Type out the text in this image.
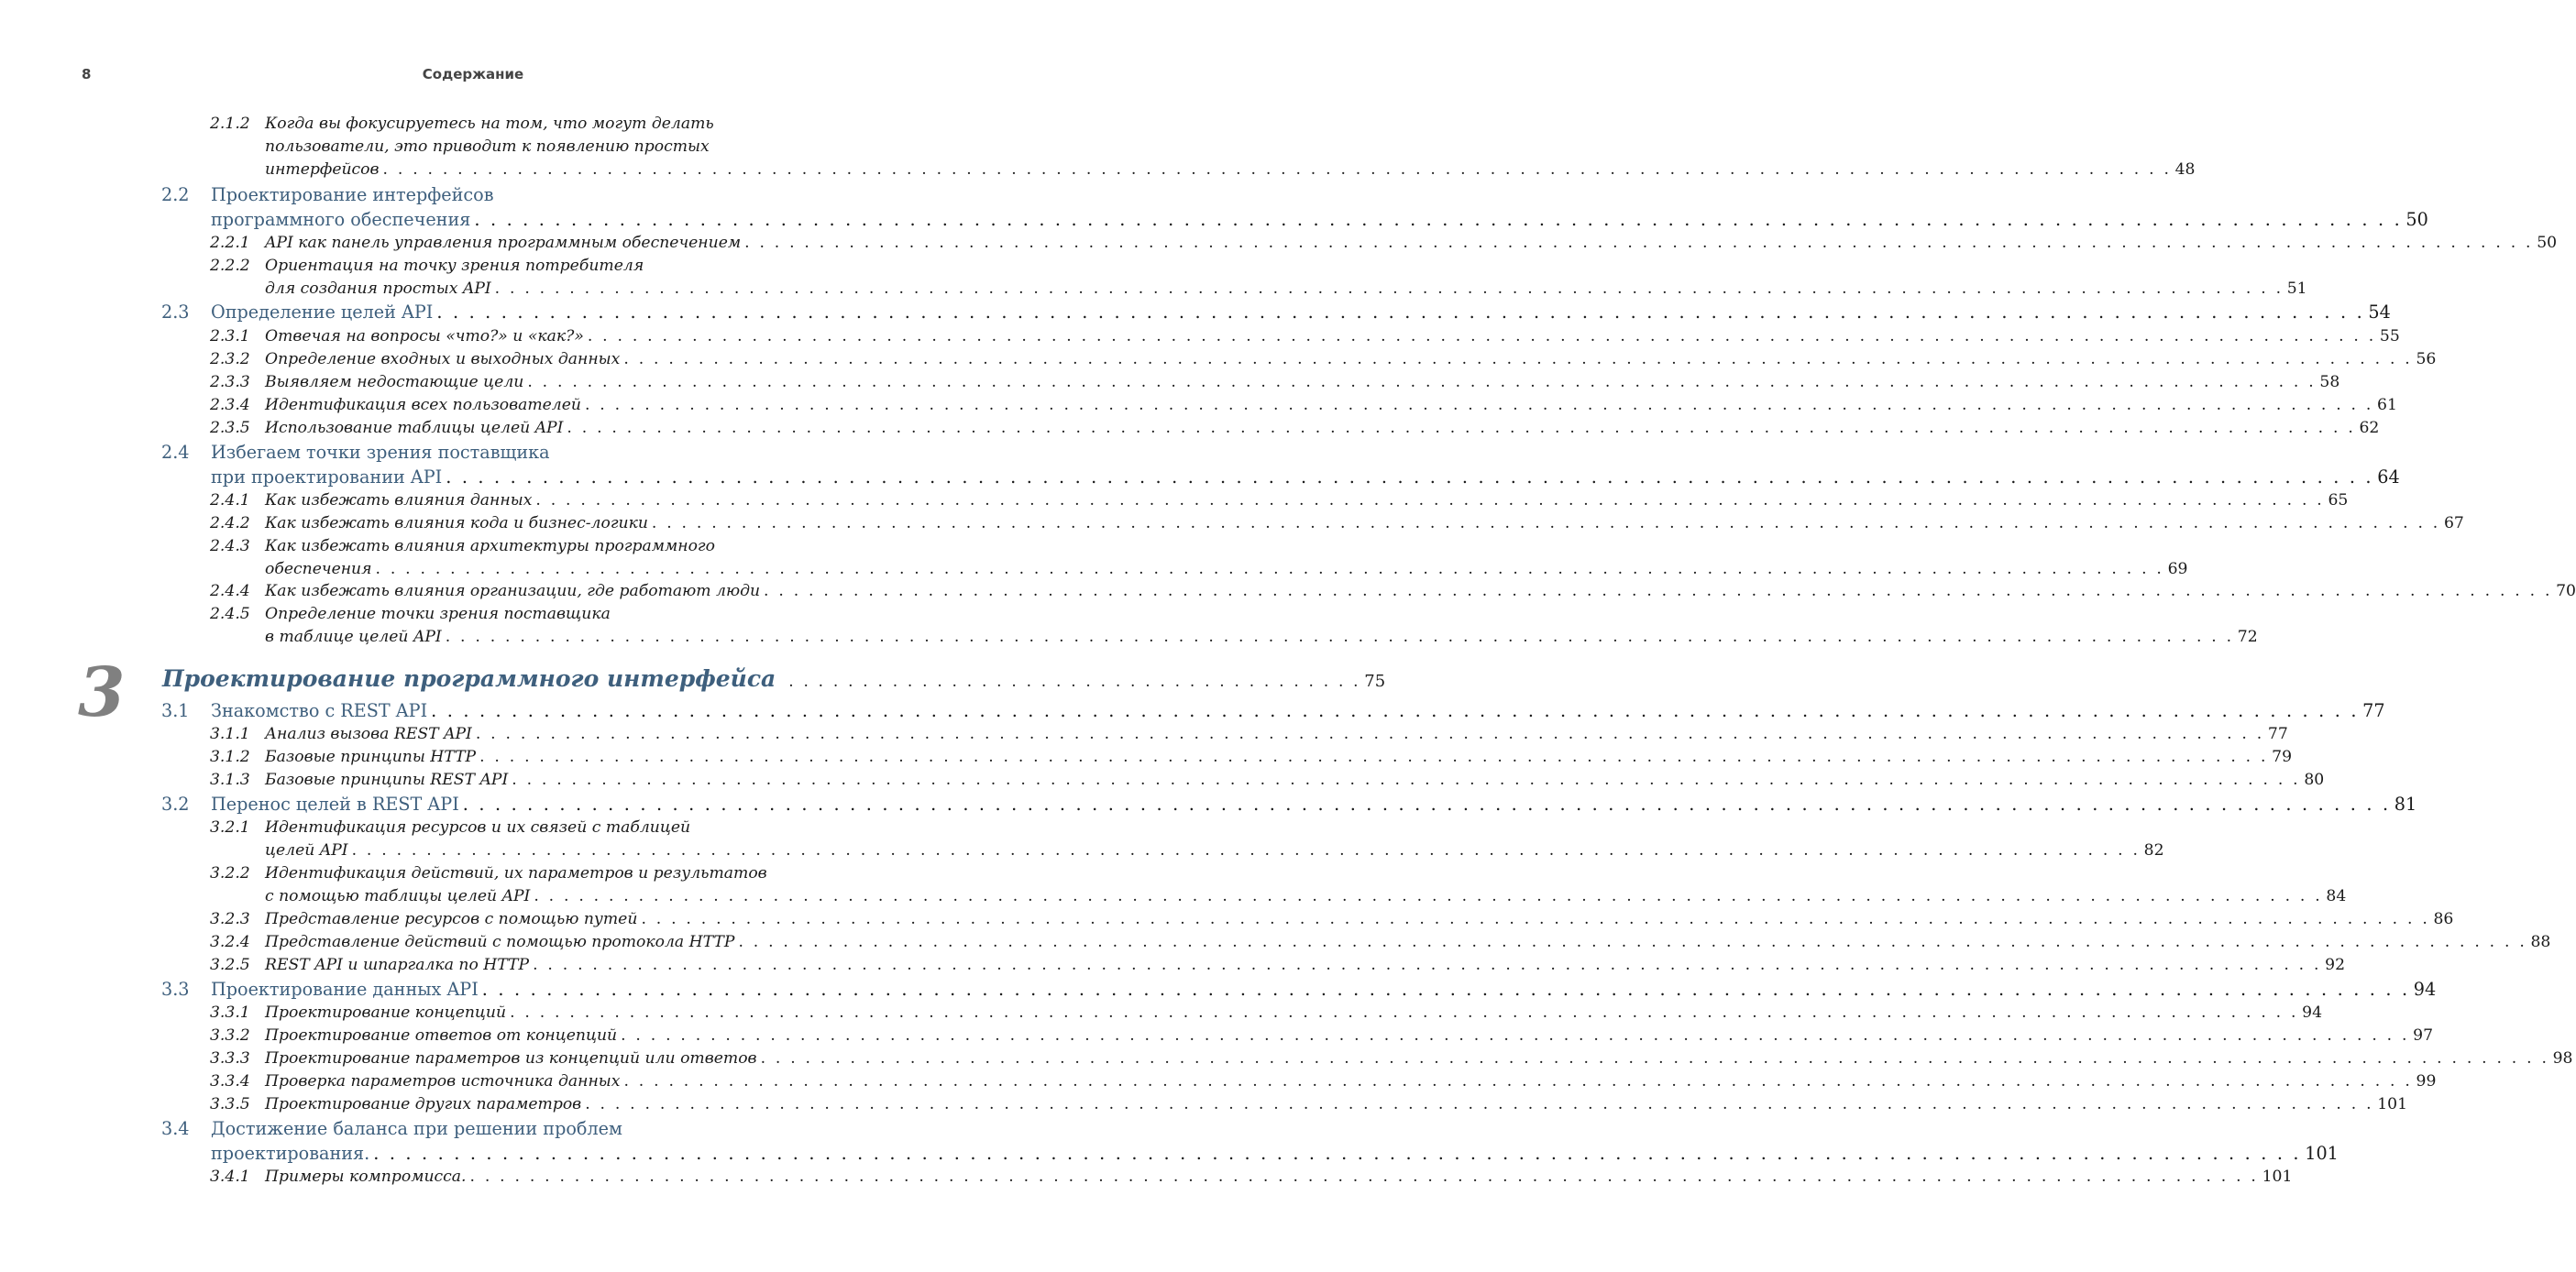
8	Содержание
2.1.2 Когда вы фокусируетесь на том, что могут делать
пользователи, это приводит к появлению простых
интерфейсов . . . . . . . . . . . . . . . . . . . . . . . . . . . . . . . . . . . . . . . . . . . . . . . . . . . . . . . . . . . . . . . . . . . . . . . . . . . . . . . . . . . . . . . . . . . . . . . . . . . . . . . . . . . . . . . . . . . . . . . . 48
2.2 Проектирование интерфейсов
программного обеспечения . . . . . . . . . . . . . . . . . . . . . . . . . . . . . . . . . . . . . . . . . . . . . . . . . . . . . . . . . . . . . . . . . . . . . . . . . . . . . . . . . . . . . . . . . . . . . . . . . . . . . . . . . . . . . . . . . . . . . . . . 50
2.2.1 API как панель управления программным обеспечением . . . . . . . . . . . . . . . . . . . . . . . . . . . . . . . . . . . . . . . . . . . . . . . . . . . . . . . . . . . . . . . . . . . . . . . . . . . . . . . . . . . . . . . . . . . . . . . . . . . . . . . . . . . . . . . . . . . . . . . . 50
2.2.2 Ориентация на точку зрения потребителя
для создания простых API . . . . . . . . . . . . . . . . . . . . . . . . . . . . . . . . . . . . . . . . . . . . . . . . . . . . . . . . . . . . . . . . . . . . . . . . . . . . . . . . . . . . . . . . . . . . . . . . . . . . . . . . . . . . . . . . . . . . . . . . 51
2.3 Определение целей API . . . . . . . . . . . . . . . . . . . . . . . . . . . . . . . . . . . . . . . . . . . . . . . . . . . . . . . . . . . . . . . . . . . . . . . . . . . . . . . . . . . . . . . . . . . . . . . . . . . . . . . . . . . . . . . . . . . . . . . . 54
2.3.1 Отвечая на вопросы «что?» и «как?» . . . . . . . . . . . . . . . . . . . . . . . . . . . . . . . . . . . . . . . . . . . . . . . . . . . . . . . . . . . . . . . . . . . . . . . . . . . . . . . . . . . . . . . . . . . . . . . . . . . . . . . . . . . . . . . . . . . . . . . . 55
2.3.2 Определение входных и выходных данных . . . . . . . . . . . . . . . . . . . . . . . . . . . . . . . . . . . . . . . . . . . . . . . . . . . . . . . . . . . . . . . . . . . . . . . . . . . . . . . . . . . . . . . . . . . . . . . . . . . . . . . . . . . . . . . . . . . . . . . . 56
2.3.3 Выявляем недостающие цели . . . . . . . . . . . . . . . . . . . . . . . . . . . . . . . . . . . . . . . . . . . . . . . . . . . . . . . . . . . . . . . . . . . . . . . . . . . . . . . . . . . . . . . . . . . . . . . . . . . . . . . . . . . . . . . . . . . . . . . . 58
2.3.4 Идентификация всех пользователей . . . . . . . . . . . . . . . . . . . . . . . . . . . . . . . . . . . . . . . . . . . . . . . . . . . . . . . . . . . . . . . . . . . . . . . . . . . . . . . . . . . . . . . . . . . . . . . . . . . . . . . . . . . . . . . . . . . . . . . . 61
2.3.5 Использование таблицы целей API . . . . . . . . . . . . . . . . . . . . . . . . . . . . . . . . . . . . . . . . . . . . . . . . . . . . . . . . . . . . . . . . . . . . . . . . . . . . . . . . . . . . . . . . . . . . . . . . . . . . . . . . . . . . . . . . . . . . . . . . 62
2.4 Избегаем точки зрения поставщика
при проектировании API . . . . . . . . . . . . . . . . . . . . . . . . . . . . . . . . . . . . . . . . . . . . . . . . . . . . . . . . . . . . . . . . . . . . . . . . . . . . . . . . . . . . . . . . . . . . . . . . . . . . . . . . . . . . . . . . . . . . . . . . 64
2.4.1 Как избежать влияния данных . . . . . . . . . . . . . . . . . . . . . . . . . . . . . . . . . . . . . . . . . . . . . . . . . . . . . . . . . . . . . . . . . . . . . . . . . . . . . . . . . . . . . . . . . . . . . . . . . . . . . . . . . . . . . . . . . . . . . . . . 65
2.4.2 Как избежать влияния кода и бизнес-логики . . . . . . . . . . . . . . . . . . . . . . . . . . . . . . . . . . . . . . . . . . . . . . . . . . . . . . . . . . . . . . . . . . . . . . . . . . . . . . . . . . . . . . . . . . . . . . . . . . . . . . . . . . . . . . . . . . . . . . . . 67
2.4.3 Как избежать влияния архитектуры программного
обеспечения . . . . . . . . . . . . . . . . . . . . . . . . . . . . . . . . . . . . . . . . . . . . . . . . . . . . . . . . . . . . . . . . . . . . . . . . . . . . . . . . . . . . . . . . . . . . . . . . . . . . . . . . . . . . . . . . . . . . . . . . 69
2.4.4 Как избежать влияния организации, где работают люди . . . . . . . . . . . . . . . . . . . . . . . . . . . . . . . . . . . . . . . . . . . . . . . . . . . . . . . . . . . . . . . . . . . . . . . . . . . . . . . . . . . . . . . . . . . . . . . . . . . . . . . . . . . . . . . . . . . . . . . . 70
2.4.5 Определение точки зрения поставщика
в таблице целей API . . . . . . . . . . . . . . . . . . . . . . . . . . . . . . . . . . . . . . . . . . . . . . . . . . . . . . . . . . . . . . . . . . . . . . . . . . . . . . . . . . . . . . . . . . . . . . . . . . . . . . . . . . . . . . . . . . . . . . . . 72
3.1 Знакомство с REST API . . . . . . . . . . . . . . . . . . . . . . . . . . . . . . . . . . . . . . . . . . . . . . . . . . . . . . . . . . . . . . . . . . . . . . . . . . . . . . . . . . . . . . . . . . . . . . . . . . . . . . . . . . . . . . . . . . . . . . . . 77
3.1.1 Анализ вызова REST API . . . . . . . . . . . . . . . . . . . . . . . . . . . . . . . . . . . . . . . . . . . . . . . . . . . . . . . . . . . . . . . . . . . . . . . . . . . . . . . . . . . . . . . . . . . . . . . . . . . . . . . . . . . . . . . . . . . . . . . . 77
3.1.2 Базовые принципы HTTP . . . . . . . . . . . . . . . . . . . . . . . . . . . . . . . . . . . . . . . . . . . . . . . . . . . . . . . . . . . . . . . . . . . . . . . . . . . . . . . . . . . . . . . . . . . . . . . . . . . . . . . . . . . . . . . . . . . . . . . . 79
3.1.3 Базовые принципы REST API . . . . . . . . . . . . . . . . . . . . . . . . . . . . . . . . . . . . . . . . . . . . . . . . . . . . . . . . . . . . . . . . . . . . . . . . . . . . . . . . . . . . . . . . . . . . . . . . . . . . . . . . . . . . . . . . . . . . . . . . 80
3.2 Перенос целей в REST API . . . . . . . . . . . . . . . . . . . . . . . . . . . . . . . . . . . . . . . . . . . . . . . . . . . . . . . . . . . . . . . . . . . . . . . . . . . . . . . . . . . . . . . . . . . . . . . . . . . . . . . . . . . . . . . . . . . . . . . . 81
3.2.1 Идентификация ресурсов и их связей с таблицей
целей API . . . . . . . . . . . . . . . . . . . . . . . . . . . . . . . . . . . . . . . . . . . . . . . . . . . . . . . . . . . . . . . . . . . . . . . . . . . . . . . . . . . . . . . . . . . . . . . . . . . . . . . . . . . . . . . . . . . . . . . . 82
3.2.2 Идентификация действий, их параметров и результатов
с помощью таблицы целей API . . . . . . . . . . . . . . . . . . . . . . . . . . . . . . . . . . . . . . . . . . . . . . . . . . . . . . . . . . . . . . . . . . . . . . . . . . . . . . . . . . . . . . . . . . . . . . . . . . . . . . . . . . . . . . . . . . . . . . . . 84
3.2.3 Представление ресурсов с помощью путей . . . . . . . . . . . . . . . . . . . . . . . . . . . . . . . . . . . . . . . . . . . . . . . . . . . . . . . . . . . . . . . . . . . . . . . . . . . . . . . . . . . . . . . . . . . . . . . . . . . . . . . . . . . . . . . . . . . . . . . . 86
3.2.4 Представление действий с помощью протокола HTTP . . . . . . . . . . . . . . . . . . . . . . . . . . . . . . . . . . . . . . . . . . . . . . . . . . . . . . . . . . . . . . . . . . . . . . . . . . . . . . . . . . . . . . . . . . . . . . . . . . . . . . . . . . . . . . . . . . . . . . . . 88
3.2.5 REST API и шпаргалка по HTTP . . . . . . . . . . . . . . . . . . . . . . . . . . . . . . . . . . . . . . . . . . . . . . . . . . . . . . . . . . . . . . . . . . . . . . . . . . . . . . . . . . . . . . . . . . . . . . . . . . . . . . . . . . . . . . . . . . . . . . . . 92
3.3 Проектирование данных API . . . . . . . . . . . . . . . . . . . . . . . . . . . . . . . . . . . . . . . . . . . . . . . . . . . . . . . . . . . . . . . . . . . . . . . . . . . . . . . . . . . . . . . . . . . . . . . . . . . . . . . . . . . . . . . . . . . . . . . . 94
3.3.1 Проектирование концепций . . . . . . . . . . . . . . . . . . . . . . . . . . . . . . . . . . . . . . . . . . . . . . . . . . . . . . . . . . . . . . . . . . . . . . . . . . . . . . . . . . . . . . . . . . . . . . . . . . . . . . . . . . . . . . . . . . . . . . . . 94
3.3.2 Проектирование ответов от концепций . . . . . . . . . . . . . . . . . . . . . . . . . . . . . . . . . . . . . . . . . . . . . . . . . . . . . . . . . . . . . . . . . . . . . . . . . . . . . . . . . . . . . . . . . . . . . . . . . . . . . . . . . . . . . . . . . . . . . . . . 97
3.3.3 Проектирование параметров из концепций или ответов . . . . . . . . . . . . . . . . . . . . . . . . . . . . . . . . . . . . . . . . . . . . . . . . . . . . . . . . . . . . . . . . . . . . . . . . . . . . . . . . . . . . . . . . . . . . . . . . . . . . . . . . . . . . . . . . . . . . . . . . 98
3.3.4 Проверка параметров источника данных . . . . . . . . . . . . . . . . . . . . . . . . . . . . . . . . . . . . . . . . . . . . . . . . . . . . . . . . . . . . . . . . . . . . . . . . . . . . . . . . . . . . . . . . . . . . . . . . . . . . . . . . . . . . . . . . . . . . . . . . 99
3.3.5 Проектирование других параметров . . . . . . . . . . . . . . . . . . . . . . . . . . . . . . . . . . . . . . . . . . . . . . . . . . . . . . . . . . . . . . . . . . . . . . . . . . . . . . . . . . . . . . . . . . . . . . . . . . . . . . . . . . . . . . . . . . . . . . . . 101
3.4 Достижение баланса при решении проблем
проектирования. . . . . . . . . . . . . . . . . . . . . . . . . . . . . . . . . . . . . . . . . . . . . . . . . . . . . . . . . . . . . . . . . . . . . . . . . . . . . . . . . . . . . . . . . . . . . . . . . . . . . . . . . . . . . . . . . . . . . . . . . 101
3.4.1 Примеры компромисса. . . . . . . . . . . . . . . . . . . . . . . . . . . . . . . . . . . . . . . . . . . . . . . . . . . . . . . . . . . . . . . . . . . . . . . . . . . . . . . . . . . . . . . . . . . . . . . . . . . . . . . . . . . . . . . . . . . . . . . . . 101
3 Проектирование программного интерфейса . . . . . . . . . . . . . . . . . . . . . . . . . . . . . . . . . . . . . . . 75
